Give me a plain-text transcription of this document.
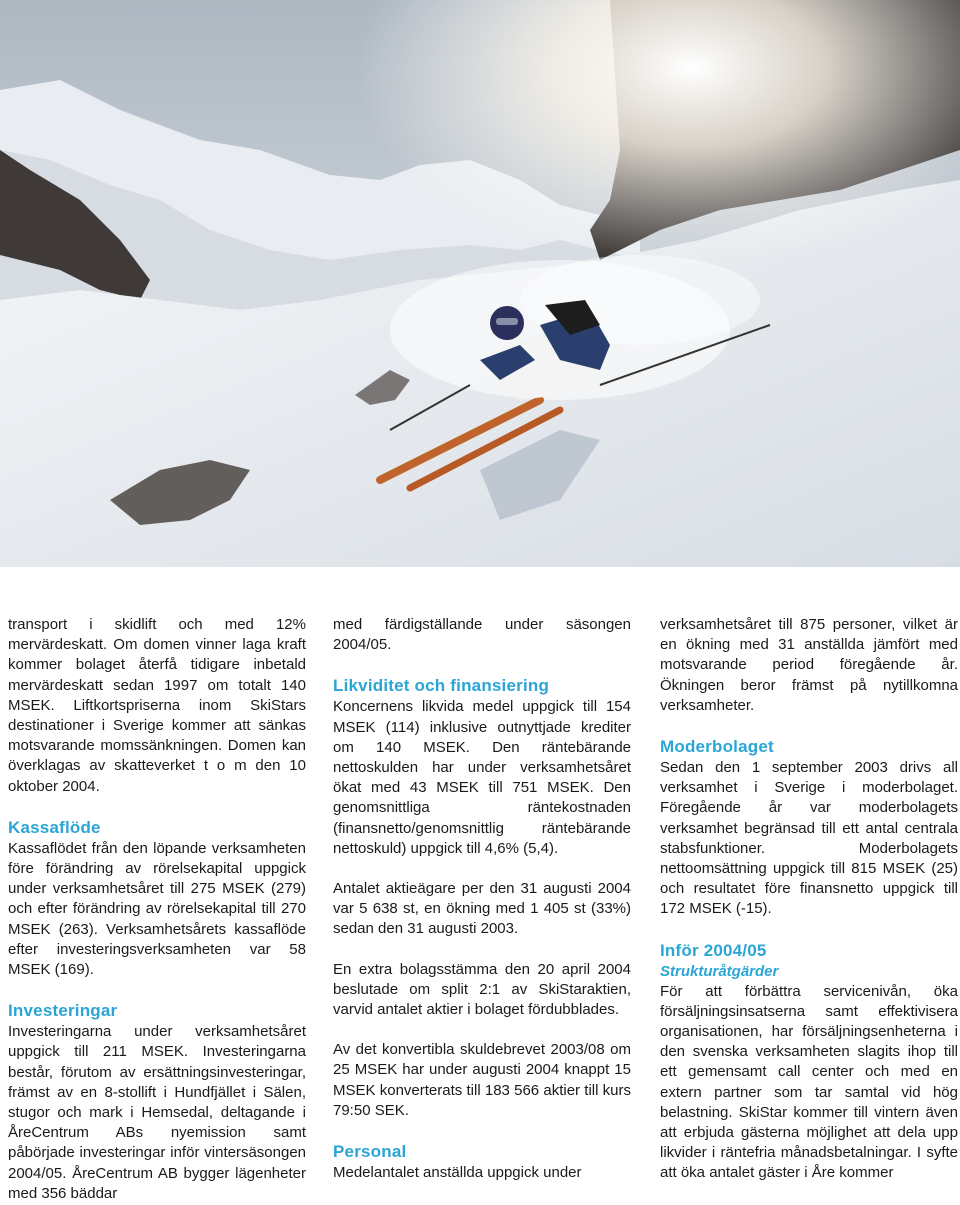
transport i skidlift och med 12% mervärdeskatt. Om domen vinner laga kraft kommer bolaget återfå tidigare inbetald mervärdeskatt sedan 1997 om totalt 140 MSEK. Liftkortspriserna inom SkiStars destinationer i Sverige kommer att sänkas motsvarande momssänkningen. Domen kan överklagas av skatteverket t o m den 10 oktober 2004.

Kassaflöde

Kassaflödet från den löpande verksamheten före förändring av rörelsekapital uppgick under verksamhetsåret till 275 MSEK (279) och efter förändring av rörelsekapital till 270 MSEK (263). Verksamhetsårets kassaflöde efter investeringsverksamheten var 58 MSEK (169).

Investeringar

Investeringarna under verksamhetsåret uppgick till 211 MSEK. Investeringarna består, förutom av ersättningsinvesteringar, främst av en 8-stollift i Hundfjället i Sälen, stugor och mark i Hemsedal, deltagande i ÅreCentrum ABs nyemission samt påbörjade investeringar inför vintersäsongen 2004/05. ÅreCentrum AB bygger lägenheter med 356 bäddar

med färdigställande under säsongen 2004/05.

Likviditet och finansiering

Koncernens likvida medel uppgick till 154 MSEK (114) inklusive outnyttjade krediter om 140 MSEK. Den räntebärande nettoskulden har under verksamhetsåret ökat med 43 MSEK till 751 MSEK. Den genomsnittliga räntekostnaden (finansnetto/genomsnittlig räntebärande nettoskuld) uppgick till 4,6% (5,4).

Antalet aktieägare per den 31 augusti 2004 var 5 638 st, en ökning med 1 405 st (33%) sedan den 31 augusti 2003.

En extra bolagsstämma den 20 april 2004 beslutade om split 2:1 av SkiStaraktien, varvid antalet aktier i bolaget fördubblades.

Av det konvertibla skuldebrevet 2003/08 om 25 MSEK har under augusti 2004 knappt 15 MSEK konverterats till 183 566 aktier till kurs 79:50 SEK.

Personal

Medelantalet anställda uppgick under

verksamhetsåret till 875 personer, vilket är en ökning med 31 anställda jämfört med motsvarande period föregående år. Ökningen beror främst på nytillkomna verksamheter.

Moderbolaget

Sedan den 1 september 2003 drivs all verksamhet i Sverige i moderbolaget. Föregående år var moderbolagets verksamhet begränsad till ett antal centrala stabsfunktioner. Moderbolagets nettoomsättning uppgick till 815 MSEK (25) och resultatet före finansnetto uppgick till 172 MSEK (-15).

Inför 2004/05
Strukturåtgärder

För att förbättra servicenivån, öka försäljningsinsatserna samt effektivisera organisationen, har försäljningsenheterna i den svenska verksamheten slagits ihop till ett gemensamt call center och med en extern partner som tar samtal vid hög belastning. SkiStar kommer till vintern även att erbjuda gästerna möjlighet att dela upp likvider i räntefria månadsbetalningar. I syfte att öka antalet gäster i Åre kommer
